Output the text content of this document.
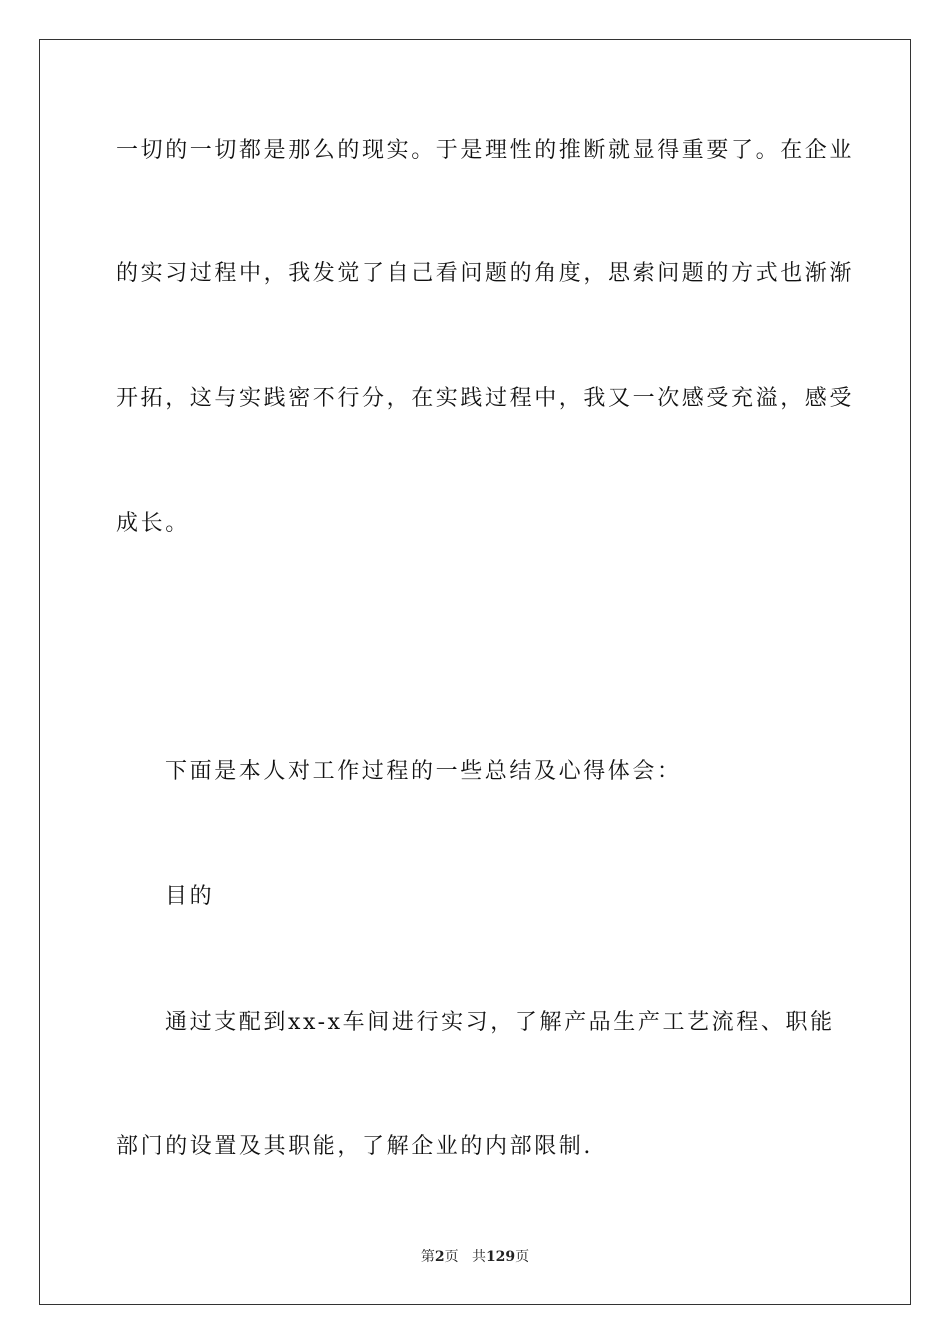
一切的一切都是那么的现实。于是理性的推断就显得重要了。在企业
的实习过程中，我发觉了自己看问题的角度，思索问题的方式也渐渐
开拓，这与实践密不行分，在实践过程中，我又一次感受充溢，感受
成长。
下面是本人对工作过程的一些总结及心得体会：
目的
通过支配到xx-x车间进行实习，了解产品生产工艺流程、职能
部门的设置及其职能，了解企业的内部限制.
第2页 共129页
